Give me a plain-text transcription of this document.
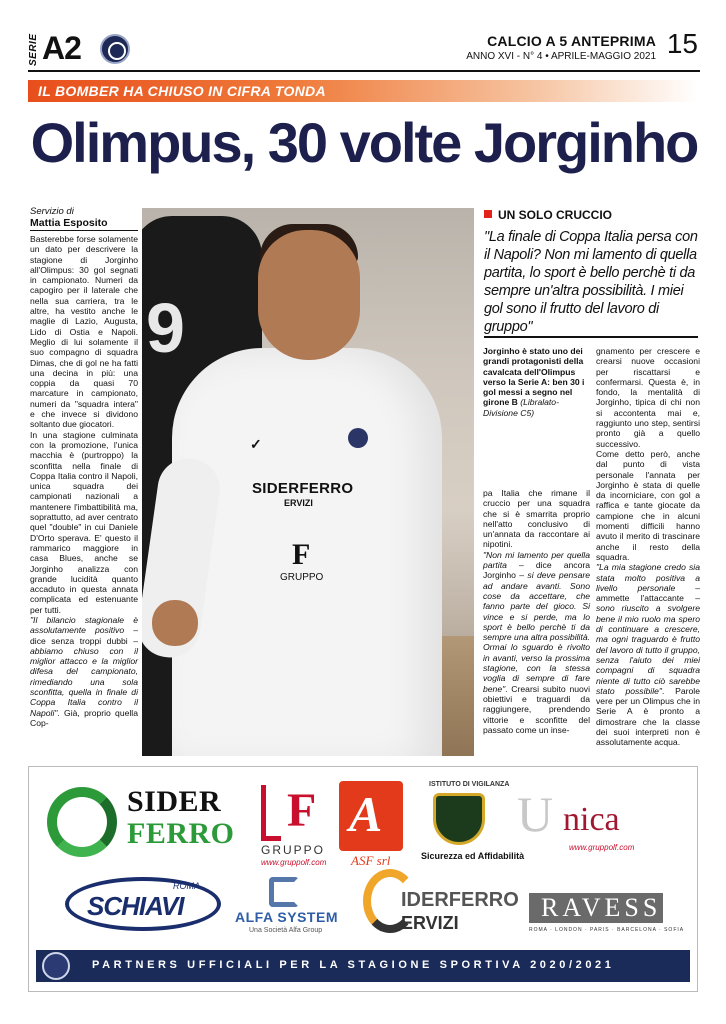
SERIE A2	CALCIO A 5 ANTEPRIMA
ANNO XVI - N° 4 • APRILE-MAGGIO 2021 15
IL BOMBER HA CHIUSO IN CIFRA TONDA
Olimpus, 30 volte Jorginho
Servizio di
Mattia Esposito

Basterebbe forse solamente un dato per descrivere la stagione di Jorginho all'Olimpus: 30 gol segnati in campionato. Numeri da capogiro per il laterale che nella sua carriera, tra le altre, ha vestito anche le maglie di Lazio, Augusta, Lido di Ostia e Napoli. Meglio di lui solamente il suo compagno di squadra Dimas, che di gol ne ha fatti una decina in più: una coppia da quasi 70 marcature in campionato, numeri da "squadra intera" e che invece si dividono soltanto due giocatori.

In una stagione culminata con la promozione, l'unica macchia è (purtroppo) la sconfitta nella finale di Coppa Italia contro il Napoli, unica squadra dei campionati nazionali a mantenere l'imbattibilità ma, soprattutto, ad aver centrato quel "double" in cui Daniele D'Orto sperava. E' questo il rammarico maggiore in casa Blues, anche se Jorginho analizza con grande lucidità quanto accaduto in questa annata complicata ed estenuante per tutti.

"Il bilancio stagionale è assolutamente positivo – dice senza troppi dubbi – abbiamo chiuso con il miglior attacco e la miglior difesa del campionato, rimediando una sola sconfitta, quella in finale di Coppa Italia contro il Napoli". Già, proprio quella Cop-

9
✓
SIDERFERRO
ERVIZI
F
GRUPPO
UN SOLO CRUCCIO
"La finale di Coppa Italia persa con il Napoli? Non mi lamento di quella partita, lo sport è bello perchè ti da sempre un'altra possibilità. I miei gol sono il frutto del lavoro di gruppo"
Jorginho è stato uno dei grandi protagonisti della cavalcata dell'Olimpus verso la Serie A: ben 30 i gol messi a segno nel girone B (Libralato-Divisione C5)
pa Italia che rimane il cruccio per una squadra che si è smarrita proprio nell'atto conclusivo di un'annata da raccontare ai nipotini.
"Non mi lamento per quella partita – dice ancora Jorginho – si deve pensare ad andare avanti. Sono cose da accettare, che fanno parte del gioco. Si vince e si perde, ma lo sport è bello perchè ti da sempre una altra possibilità. Ormai lo sguardo è rivolto in avanti, verso la prossima stagione, con la stessa voglia di sempre di fare bene". Crearsi subito nuovi obiettivi e traguardi da raggiungere, prendendo vittorie e sconfitte del passato come un inse-
gnamento per crescere e crearsi nuove occasioni per riscattarsi e confermarsi. Questa è, in fondo, la mentalità di Jorginho, tipica di chi non si accontenta mai e, raggiunto uno step, sentirsi pronto già a quello successivo.
Come detto però, anche dal punto di vista personale l'annata per Jorginho è stata di quelle da incorniciare, con gol a raffica e tante giocate da campione che in alcuni momenti difficili hanno avuto il merito di trascinare anche il resto della squadra.
"La mia stagione credo sia stata molto positiva a livello personale – ammette l'attaccante – sono riuscito a svolgere bene il mio ruolo ma spero di continuare a crescere, ma ogni traguardo è frutto del lavoro di tutto il gruppo, senza l'aiuto dei miei compagni di squadra niente di tutto ciò sarebbe stato possibile". Parole vere per un Olimpus che in Serie A è pronto a dimostrare che la classe dei suoi interpreti non è assolutamente acqua.
SIDER
FERRO F
GRUPPO
www.gruppolf.com
A
ASF srl
ISTITUTO DI VIGILANZA
Sicurezza ed Affidabilità
U nica
www.gruppolf.com
SCHIAVI
ROMA
ALFA SYSTEM
Una Società Alfa Group
IDERFERRO
ERVIZI
RAVESS
ROMA · LONDON · PARIS · BARCELONA · SOFIA
PARTNERS UFFICIALI PER LA STAGIONE SPORTIVA 2020/2021
